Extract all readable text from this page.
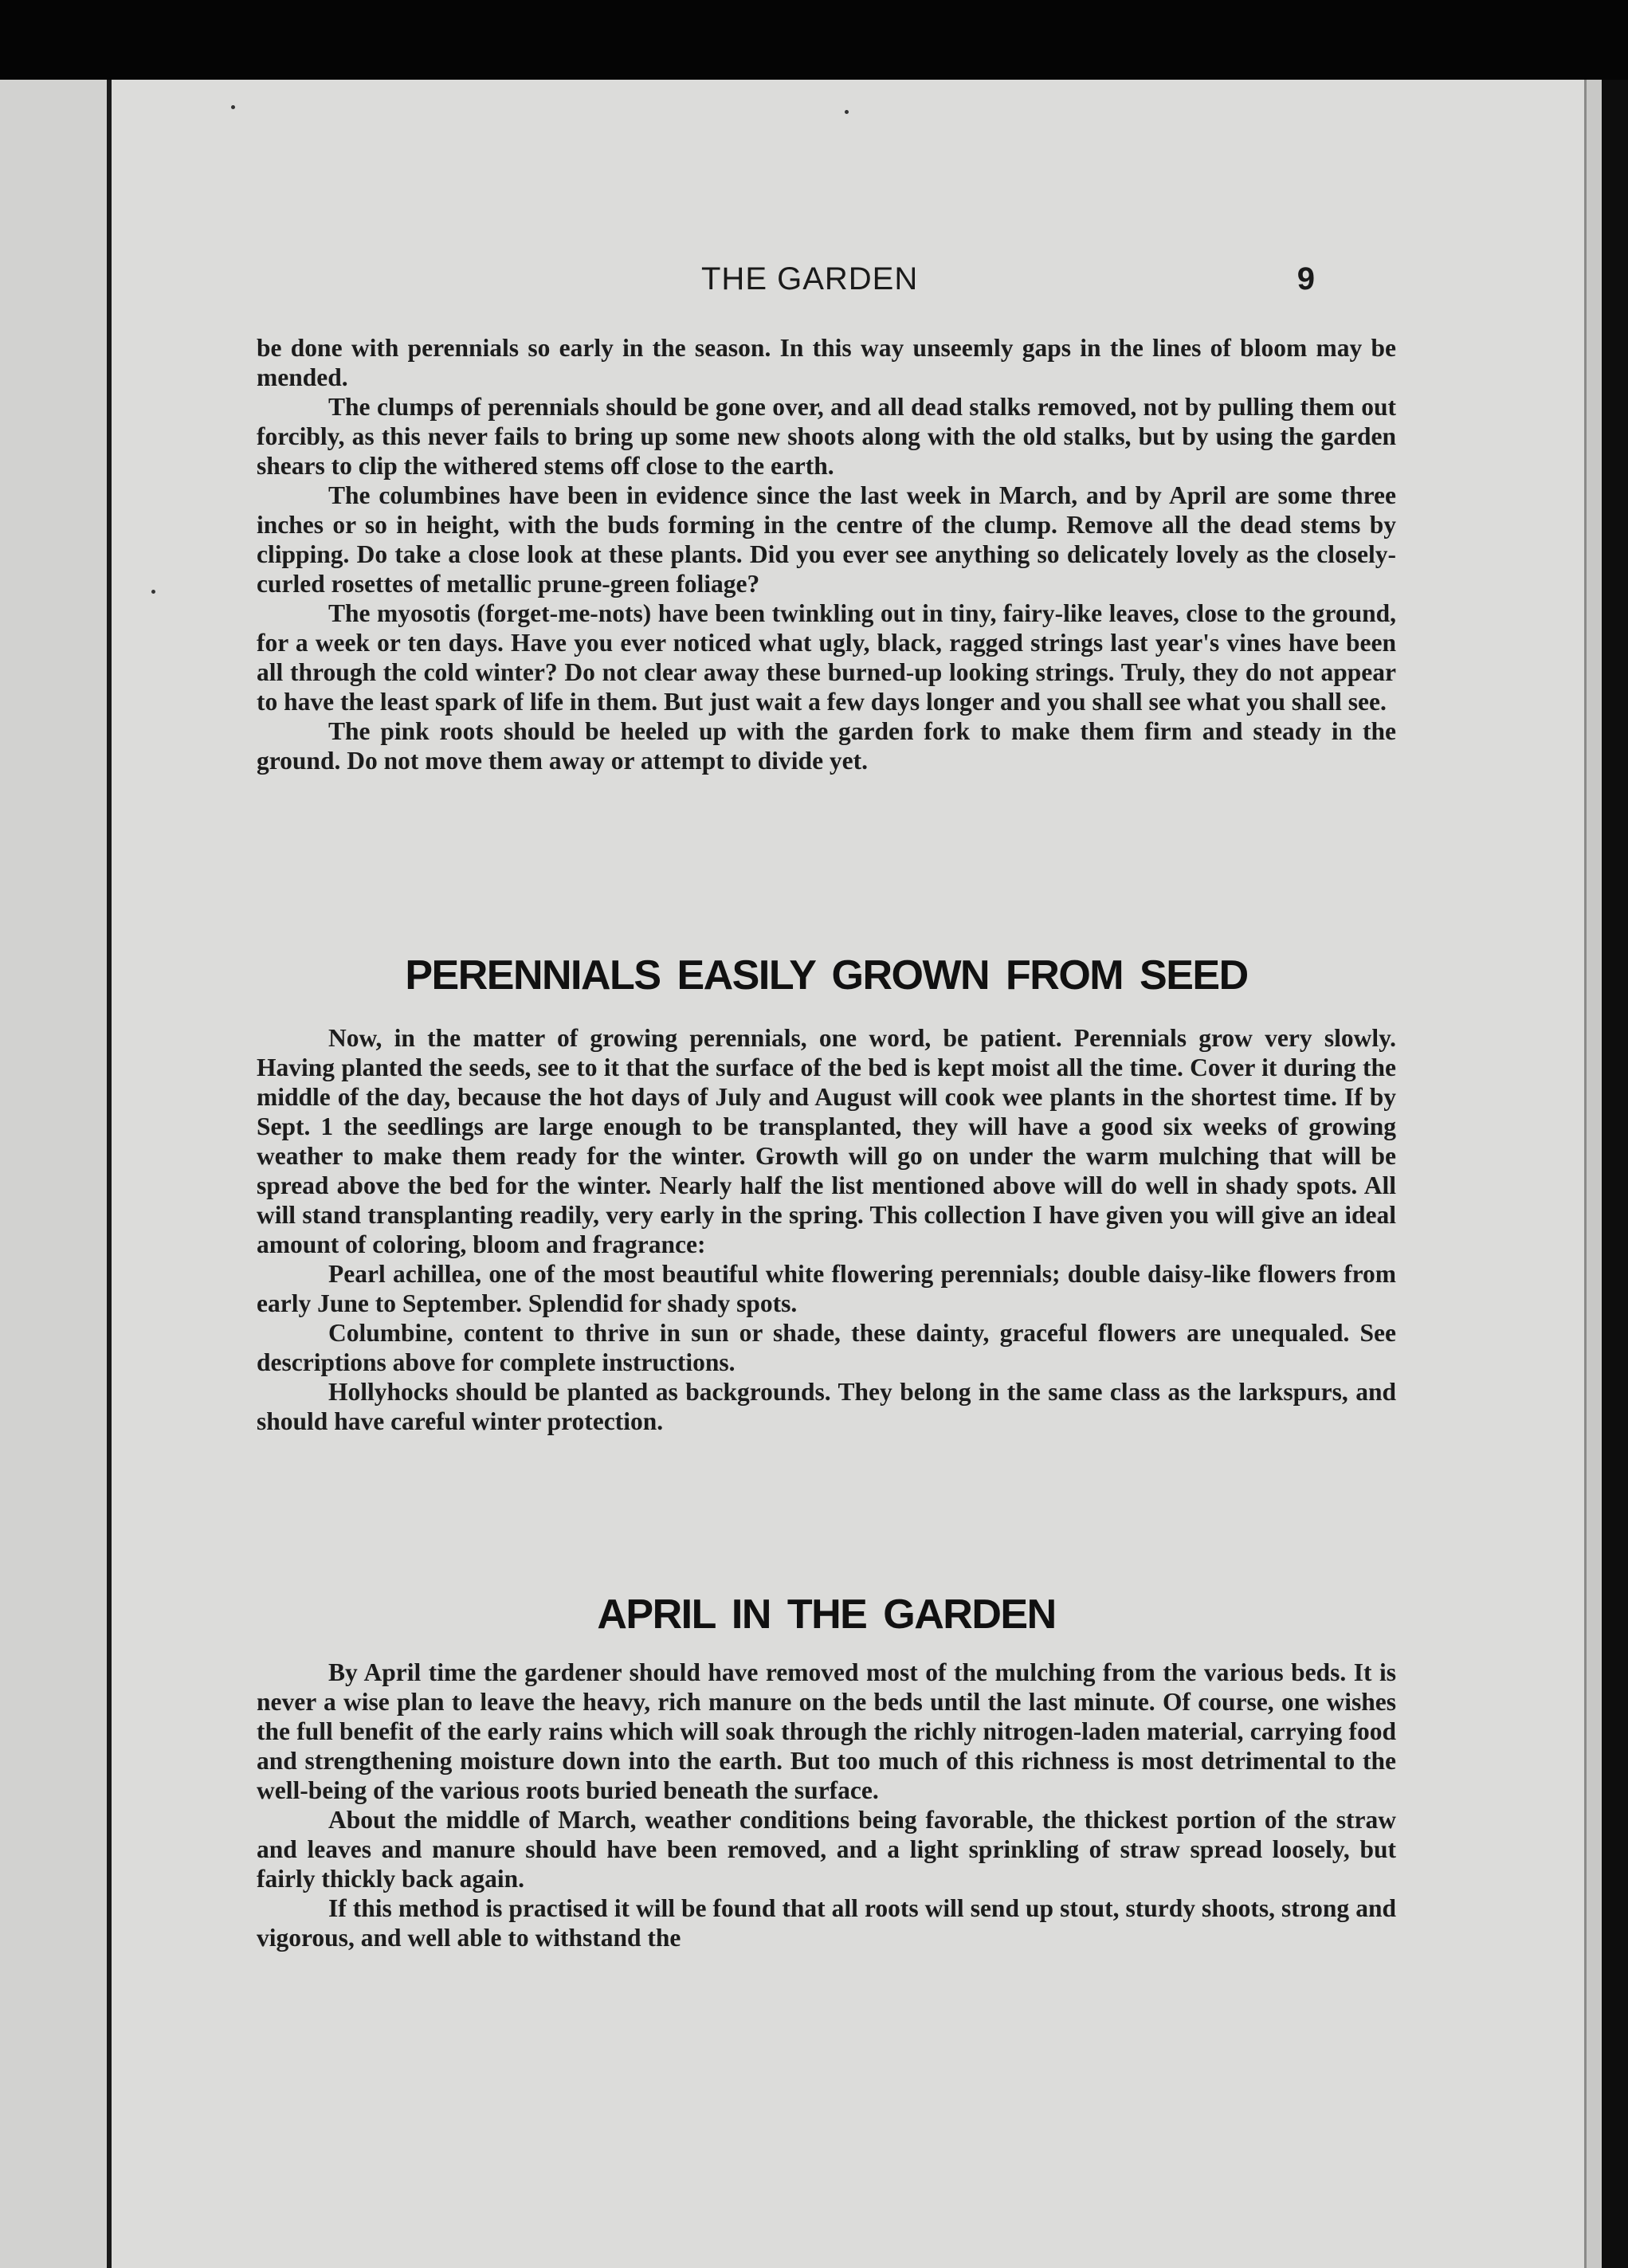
THE GARDEN	9

be done with perennials so early in the season. In this way unseemly gaps in the lines of bloom may be mended.

The clumps of perennials should be gone over, and all dead stalks removed, not by pulling them out forcibly, as this never fails to bring up some new shoots along with the old stalks, but by using the garden shears to clip the withered stems off close to the earth.

The columbines have been in evidence since the last week in March, and by April are some three inches or so in height, with the buds forming in the centre of the clump. Remove all the dead stems by clipping. Do take a close look at these plants. Did you ever see anything so delicately lovely as the closely-curled rosettes of metallic prune-green foliage?

The myosotis (forget-me-nots) have been twinkling out in tiny, fairy-like leaves, close to the ground, for a week or ten days. Have you ever noticed what ugly, black, ragged strings last year's vines have been all through the cold winter? Do not clear away these burned-up looking strings. Truly, they do not appear to have the least spark of life in them. But just wait a few days longer and you shall see what you shall see.

The pink roots should be heeled up with the garden fork to make them firm and steady in the ground. Do not move them away or attempt to divide yet.

PERENNIALS EASILY GROWN FROM SEED

Now, in the matter of growing perennials, one word, be patient. Perennials grow very slowly. Having planted the seeds, see to it that the surface of the bed is kept moist all the time. Cover it during the middle of the day, because the hot days of July and August will cook wee plants in the shortest time. If by Sept. 1 the seedlings are large enough to be transplanted, they will have a good six weeks of growing weather to make them ready for the winter. Growth will go on under the warm mulching that will be spread above the bed for the winter. Nearly half the list mentioned above will do well in shady spots. All will stand transplanting readily, very early in the spring. This collection I have given you will give an ideal amount of coloring, bloom and fragrance:

Pearl achillea, one of the most beautiful white flowering perennials; double daisy-like flowers from early June to September. Splendid for shady spots.

Columbine, content to thrive in sun or shade, these dainty, graceful flowers are unequaled. See descriptions above for complete instructions.

Hollyhocks should be planted as backgrounds. They belong in the same class as the larkspurs, and should have careful winter protection.

APRIL IN THE GARDEN

By April time the gardener should have removed most of the mulching from the various beds. It is never a wise plan to leave the heavy, rich manure on the beds until the last minute. Of course, one wishes the full benefit of the early rains which will soak through the richly nitrogen-laden material, carrying food and strengthening moisture down into the earth. But too much of this richness is most detrimental to the well-being of the various roots buried beneath the surface.

About the middle of March, weather conditions being favorable, the thickest portion of the straw and leaves and manure should have been removed, and a light sprinkling of straw spread loosely, but fairly thickly back again.

If this method is practised it will be found that all roots will send up stout, sturdy shoots, strong and vigorous, and well able to withstand the
